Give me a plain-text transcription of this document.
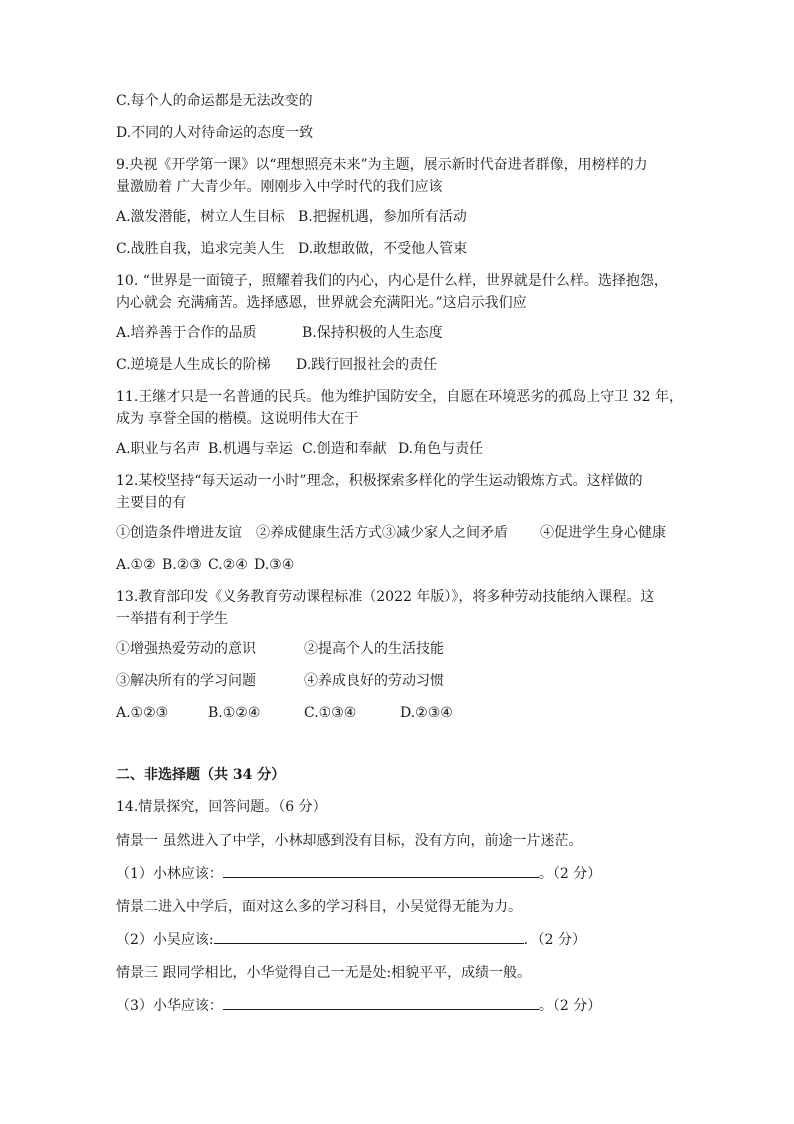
C.每个人的命运都是无法改变的
D.不同的人对待命运的态度一致
9.央视《开学第一课》以“理想照亮未来”为主题，展示新时代奋进者群像，用榜样的力
量激励着 广大青少年。刚刚步入中学时代的我们应该
A.激发潜能，树立人生目标 B.把握机遇，参加所有活动
C.战胜自我，追求完美人生 D.敢想敢做，不受他人管束
10. “世界是一面镜子，照耀着我们的内心，内心是什么样，世界就是什么样。选择抱怨，
内心就会 充满痛苦。选择感恩，世界就会充满阳光。”这启示我们应
A.培养善于合作的品质	B.保持积极的人生态度
C.逆境是人生成长的阶梯 D.践行回报社会的责任
11.王继才只是一名普通的民兵。他为维护国防安全，自愿在环境恶劣的孤岛上守卫 32 年，
成为 享誉全国的楷模。这说明伟大在于
A.职业与名声 B.机遇与幸运 C.创造和奉献 D.角色与责任
12.某校坚持“每天运动一小时”理念，积极探索多样化的学生运动锻炼方式。这样做的
主要目的有
①创造条件增进友谊 ②养成健康生活方式③减少家人之间矛盾 ④促进学生身心健康
A.①② B.②③ C.②④ D.③④
13.教育部印发《义务教育劳动课程标准（2022 年版）》，将多种劳动技能纳入课程。这
一举措有利于学生
①增强热爱劳动的意识	②提高个人的生活技能
③解决所有的学习问题	④养成良好的劳动习惯
A.①②③	B.①②④	C.①③④	D.②③④
二、非选择题（共 34 分）
14.情景探究，回答问题。（6 分）
情景一 虽然进入了中学，小林却感到没有目标，没有方向，前途一片迷茫。
（1）小林应该：	。（2 分）
情景二进入中学后，面对这么多的学习科目，小吴觉得无能为力。
（2）小吴应该:	．（2 分）
情景三 跟同学相比，小华觉得自己一无是处:相貌平平，成绩一般。
（3）小华应该：	。（2 分）
